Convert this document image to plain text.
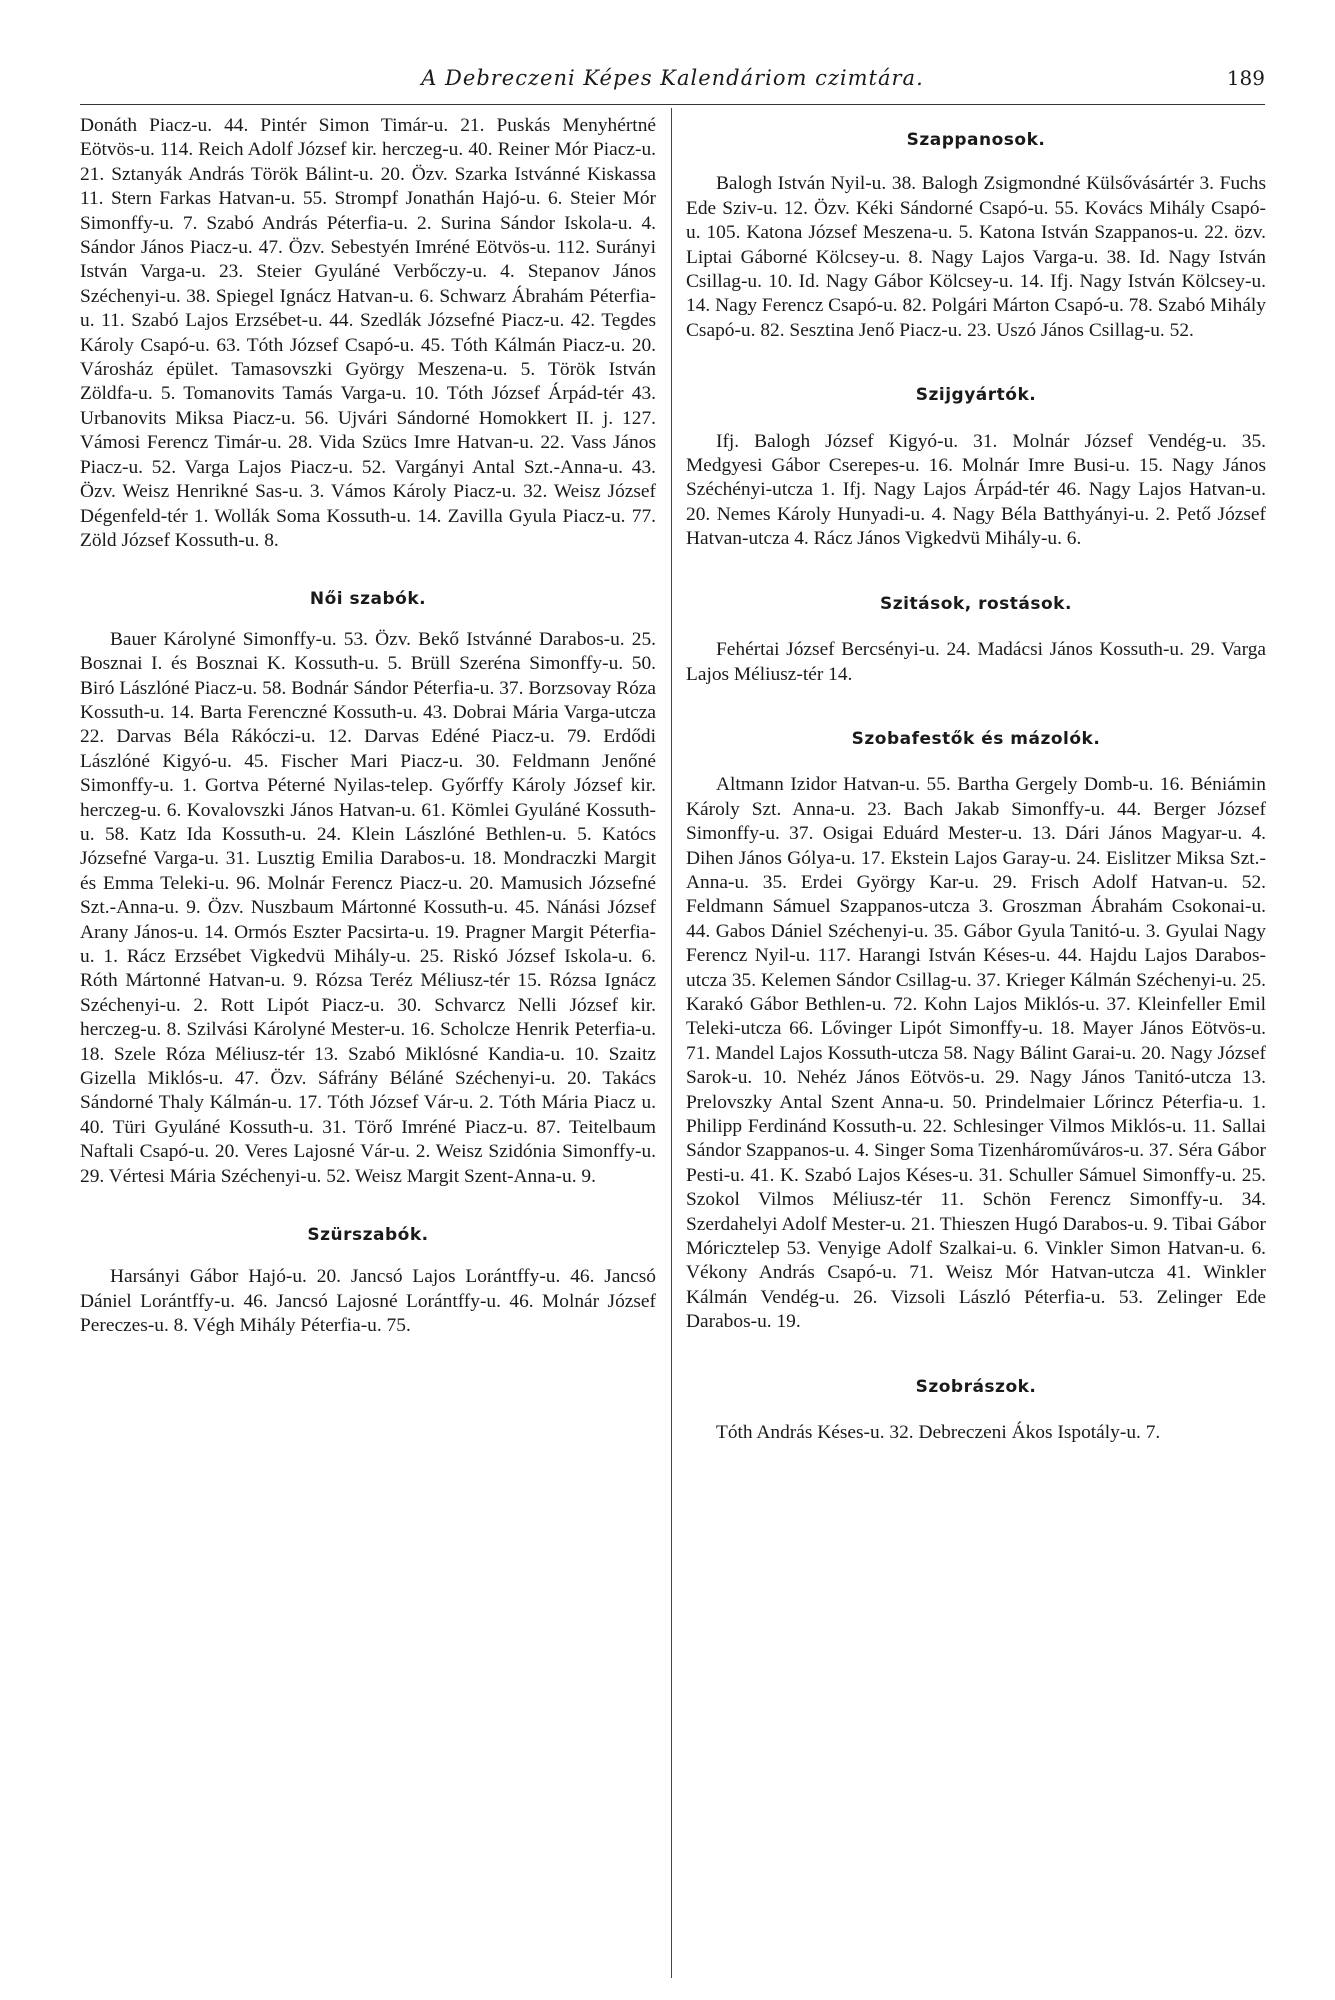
A Debreczeni Képes Kalendáriom czimtára.	189

Donáth Piacz-u. 44. Pintér Simon Timár-u. 21. Puskás Menyhértné Eötvös-u. 114. Reich Adolf József kir. herczeg-u. 40. Reiner Mór Piacz-u. 21. Sztanyák András Török Bálint-u. 20. Özv. Szarka Istvánné Kiskassa 11. Stern Farkas Hatvan-u. 55. Strompf Jonathán Hajó-u. 6. Steier Mór Simonffy-u. 7. Szabó András Péterfia-u. 2. Surina Sándor Iskola-u. 4. Sándor János Piacz-u. 47. Özv. Sebestyén Imréné Eötvös-u. 112. Surányi István Varga-u. 23. Steier Gyuláné Verbőczy-u. 4. Stepanov János Széchenyi-u. 38. Spiegel Ignácz Hatvan-u. 6. Schwarz Ábrahám Péterfia-u. 11. Szabó Lajos Erzsébet-u. 44. Szedlák Józsefné Piacz-u. 42. Tegdes Károly Csapó-u. 63. Tóth József Csapó-u. 45. Tóth Kálmán Piacz-u. 20. Városház épület. Tamasovszki György Meszena-u. 5. Török István Zöldfa-u. 5. Tomanovits Tamás Varga-u. 10. Tóth József Árpád-tér 43. Urbanovits Miksa Piacz-u. 56. Ujvári Sándorné Homokkert II. j. 127. Vámosi Ferencz Timár-u. 28. Vida Szücs Imre Hatvan-u. 22. Vass János Piacz-u. 52. Varga Lajos Piacz-u. 52. Vargányi Antal Szt.-Anna-u. 43. Özv. Weisz Henrikné Sas-u. 3. Vámos Károly Piacz-u. 32. Weisz József Dégenfeld-tér 1. Wollák Soma Kossuth-u. 14. Zavilla Gyula Piacz-u. 77. Zöld József Kossuth-u. 8.

Női szabók.

Bauer Károlyné Simonffy-u. 53. Özv. Bekő Istvánné Darabos-u. 25. Bosznai I. és Bosznai K. Kossuth-u. 5. Brüll Szeréna Simonffy-u. 50. Biró Lászlóné Piacz-u. 58. Bodnár Sándor Péterfia-u. 37. Borzsovay Róza Kossuth-u. 14. Barta Ferenczné Kossuth-u. 43. Dobrai Mária Varga-utcza 22. Darvas Béla Rákóczi-u. 12. Darvas Edéné Piacz-u. 79. Erdődi Lászlóné Kigyó-u. 45. Fischer Mari Piacz-u. 30. Feldmann Jenőné Simonffy-u. 1. Gortva Péterné Nyilas-telep. Győrffy Károly József kir. herczeg-u. 6. Kovalovszki János Hatvan-u. 61. Kömlei Gyuláné Kossuth-u. 58. Katz Ida Kossuth-u. 24. Klein Lászlóné Bethlen-u. 5. Katócs Józsefné Varga-u. 31. Lusztig Emilia Darabos-u. 18. Mondraczki Margit és Emma Teleki-u. 96. Molnár Ferencz Piacz-u. 20. Mamusich Józsefné Szt.-Anna-u. 9. Özv. Nuszbaum Mártonné Kossuth-u. 45. Nánási József Arany János-u. 14. Ormós Eszter Pacsirta-u. 19. Pragner Margit Péterfia-u. 1. Rácz Erzsébet Vigkedvü Mihály-u. 25. Riskó József Iskola-u. 6. Róth Mártonné Hatvan-u. 9. Rózsa Teréz Méliusz-tér 15. Rózsa Ignácz Széchenyi-u. 2. Rott Lipót Piacz-u. 30. Schvarcz Nelli József kir. herczeg-u. 8. Szilvási Károlyné Mester-u. 16. Scholcze Henrik Peterfia-u. 18. Szele Róza Méliusz-tér 13. Szabó Miklósné Kandia-u. 10. Szaitz Gizella Miklós-u. 47. Özv. Sáfrány Béláné Széchenyi-u. 20. Takács Sándorné Thaly Kálmán-u. 17. Tóth József Vár-u. 2. Tóth Mária Piacz u. 40. Türi Gyuláné Kossuth-u. 31. Törő Imréné Piacz-u. 87. Teitelbaum Naftali Csapó-u. 20. Veres Lajosné Vár-u. 2. Weisz Szidónia Simonffy-u. 29. Vértesi Mária Széchenyi-u. 52. Weisz Margit Szent-Anna-u. 9.

Szürszabók.

Harsányi Gábor Hajó-u. 20. Jancsó Lajos Lorántffy-u. 46. Jancsó Dániel Lorántffy-u. 46. Jancsó Lajosné Lorántffy-u. 46. Molnár József Pereczes-u. 8. Végh Mihály Péterfia-u. 75.

Szappanosok.

Balogh István Nyil-u. 38. Balogh Zsigmondné Külsővásártér 3. Fuchs Ede Sziv-u. 12. Özv. Kéki Sándorné Csapó-u. 55. Kovács Mihály Csapó-u. 105. Katona József Meszena-u. 5. Katona István Szappanos-u. 22. özv. Liptai Gáborné Kölcsey-u. 8. Nagy Lajos Varga-u. 38. Id. Nagy István Csillag-u. 10. Id. Nagy Gábor Kölcsey-u. 14. Ifj. Nagy István Kölcsey-u. 14. Nagy Ferencz Csapó-u. 82. Polgári Márton Csapó-u. 78. Szabó Mihály Csapó-u. 82. Sesztina Jenő Piacz-u. 23. Uszó János Csillag-u. 52.

Szijgyártók.

Ifj. Balogh József Kigyó-u. 31. Molnár József Vendég-u. 35. Medgyesi Gábor Cserepes-u. 16. Molnár Imre Busi-u. 15. Nagy János Széchényi-utcza 1. Ifj. Nagy Lajos Árpád-tér 46. Nagy Lajos Hatvan-u. 20. Nemes Károly Hunyadi-u. 4. Nagy Béla Batthyányi-u. 2. Pető József Hatvan-utcza 4. Rácz János Vigkedvü Mihály-u. 6.

Szitások, rostások.

Fehértai József Bercsényi-u. 24. Madácsi János Kossuth-u. 29. Varga Lajos Méliusz-tér 14.

Szobafestők és mázolók.

Altmann Izidor Hatvan-u. 55. Bartha Gergely Domb-u. 16. Béniámin Károly Szt. Anna-u. 23. Bach Jakab Simonffy-u. 44. Berger József Simonffy-u. 37. Osigai Eduárd Mester-u. 13. Dári János Magyar-u. 4. Dihen János Gólya-u. 17. Ekstein Lajos Garay-u. 24. Eislitzer Miksa Szt.-Anna-u. 35. Erdei György Kar-u. 29. Frisch Adolf Hatvan-u. 52. Feldmann Sámuel Szappanos-utcza 3. Groszman Ábrahám Csokonai-u. 44. Gabos Dániel Széchenyi-u. 35. Gábor Gyula Tanitó-u. 3. Gyulai Nagy Ferencz Nyil-u. 117. Harangi István Késes-u. 44. Hajdu Lajos Darabos-utcza 35. Kelemen Sándor Csillag-u. 37. Krieger Kálmán Széchenyi-u. 25. Karakó Gábor Bethlen-u. 72. Kohn Lajos Miklós-u. 37. Kleinfeller Emil Teleki-utcza 66. Lővinger Lipót Simonffy-u. 18. Mayer János Eötvös-u. 71. Mandel Lajos Kossuth-utcza 58. Nagy Bálint Garai-u. 20. Nagy József Sarok-u. 10. Nehéz János Eötvös-u. 29. Nagy János Tanitó-utcza 13. Prelovszky Antal Szent Anna-u. 50. Prindelmaier Lőrincz Péterfia-u. 1. Philipp Ferdinánd Kossuth-u. 22. Schlesinger Vilmos Miklós-u. 11. Sallai Sándor Szappanos-u. 4. Singer Soma Tizenhároműváros-u. 37. Séra Gábor Pesti-u. 41. K. Szabó Lajos Késes-u. 31. Schuller Sámuel Simonffy-u. 25. Szokol Vilmos Méliusz-tér 11. Schön Ferencz Simonffy-u. 34. Szerdahelyi Adolf Mester-u. 21. Thieszen Hugó Darabos-u. 9. Tibai Gábor Móricztelep 53. Venyige Adolf Szalkai-u. 6. Vinkler Simon Hatvan-u. 6. Vékony András Csapó-u. 71. Weisz Mór Hatvan-utcza 41. Winkler Kálmán Vendég-u. 26. Vizsoli László Péterfia-u. 53. Zelinger Ede Darabos-u. 19.

Szobrászok.

Tóth András Késes-u. 32. Debreczeni Ákos Ispotály-u. 7.
